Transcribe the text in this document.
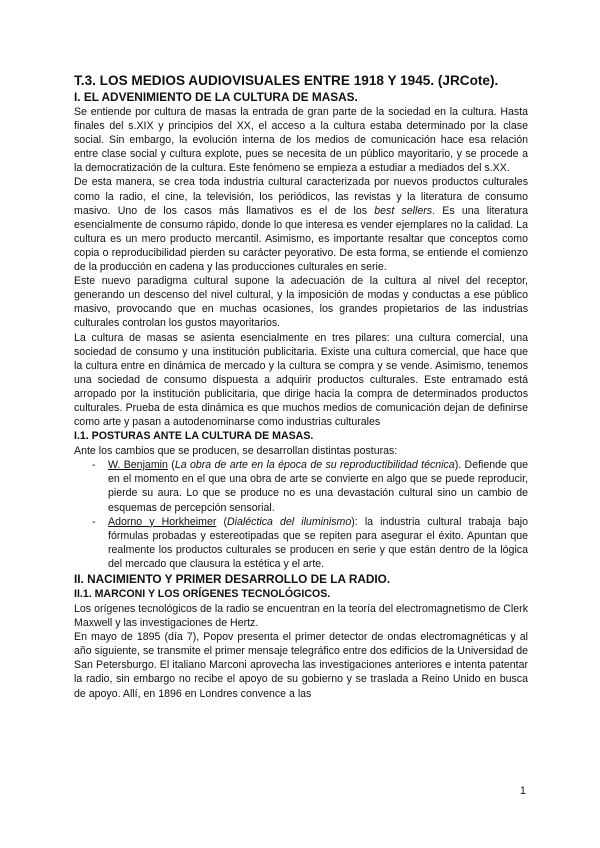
T.3. LOS MEDIOS AUDIOVISUALES ENTRE 1918 Y 1945. (JRCote).
I. EL ADVENIMIENTO DE LA CULTURA DE MASAS.

Se entiende por cultura de masas la entrada de gran parte de la sociedad en la cultura. Hasta finales del s.XIX y principios del XX, el acceso a la cultura estaba determinado por la clase social. Sin embargo, la evolución interna de los medios de comunicación hace esa relación entre clase social y cultura explote, pues se necesita de un público mayoritario, y se procede a la democratización de la cultura. Este fenómeno se empieza a estudiar a mediados del s.XX.

De esta manera, se crea toda industria cultural caracterizada por nuevos productos culturales como la radio, el cine, la televisión, los periódicos, las revistas y la literatura de consumo masivo. Uno de los casos más llamativos es el de los best sellers. Es una literatura esencialmente de consumo rápido, donde lo que interesa es vender ejemplares no la calidad. La cultura es un mero producto mercantil. Asimismo, es importante resaltar que conceptos como copia o reproducibilidad pierden su carácter peyorativo. De esta forma, se entiende el comienzo de la producción en cadena y las producciones culturales en serie.

Este nuevo paradigma cultural supone la adecuación de la cultura al nivel del receptor, generando un descenso del nivel cultural, y la imposición de modas y conductas a ese público masivo, provocando que en muchas ocasiones, los grandes propietarios de las industrias culturales controlan los gustos mayoritarios.

La cultura de masas se asienta esencialmente en tres pilares: una cultura comercial, una sociedad de consumo y una institución publicitaria. Existe una cultura comercial, que hace que la cultura entre en dinámica de mercado y la cultura se compra y se vende. Asimismo, tenemos una sociedad de consumo dispuesta a adquirir productos culturales. Este entramado está arropado por la institución publicitaria, que dirige hacia la compra de determinados productos culturales. Prueba de esta dinámica es que muchos medios de comunicación dejan de definirse como arte y pasan a autodenominarse como industrias culturales

I.1. POSTURAS ANTE LA CULTURA DE MASAS.

Ante los cambios que se producen, se desarrollan distintas posturas:

- W. Benjamin (La obra de arte en la época de su reproductibilidad técnica). Defiende que en el momento en el que una obra de arte se convierte en algo que se puede reproducir, pierde su aura. Lo que se produce no es una devastación cultural sino un cambio de esquemas de percepción sensorial.
- Adorno y Horkheimer (Dialéctica del iluminismo): la industria cultural trabaja bajo fórmulas probadas y estereotipadas que se repiten para asegurar el éxito. Apuntan que realmente los productos culturales se producen en serie y que están dentro de la lógica del mercado que clausura la estética y el arte.
II. NACIMIENTO Y PRIMER DESARROLLO DE LA RADIO.
II.1. MARCONI Y LOS ORÍGENES TECNOLÓGICOS.

Los orígenes tecnológicos de la radio se encuentran en la teoría del electromagnetismo de Clerk Maxwell y las investigaciones de Hertz.

En mayo de 1895 (día 7), Popov presenta el primer detector de ondas electromagnéticas y al año siguiente, se transmite el primer mensaje telegráfico entre dos edificios de la Universidad de San Petersburgo. El italiano Marconi aprovecha las investigaciones anteriores e intenta patentar la radio, sin embargo no recibe el apoyo de su gobierno y se traslada a Reino Unido en busca de apoyo. Allí, en 1896 en Londres convence a las

1
